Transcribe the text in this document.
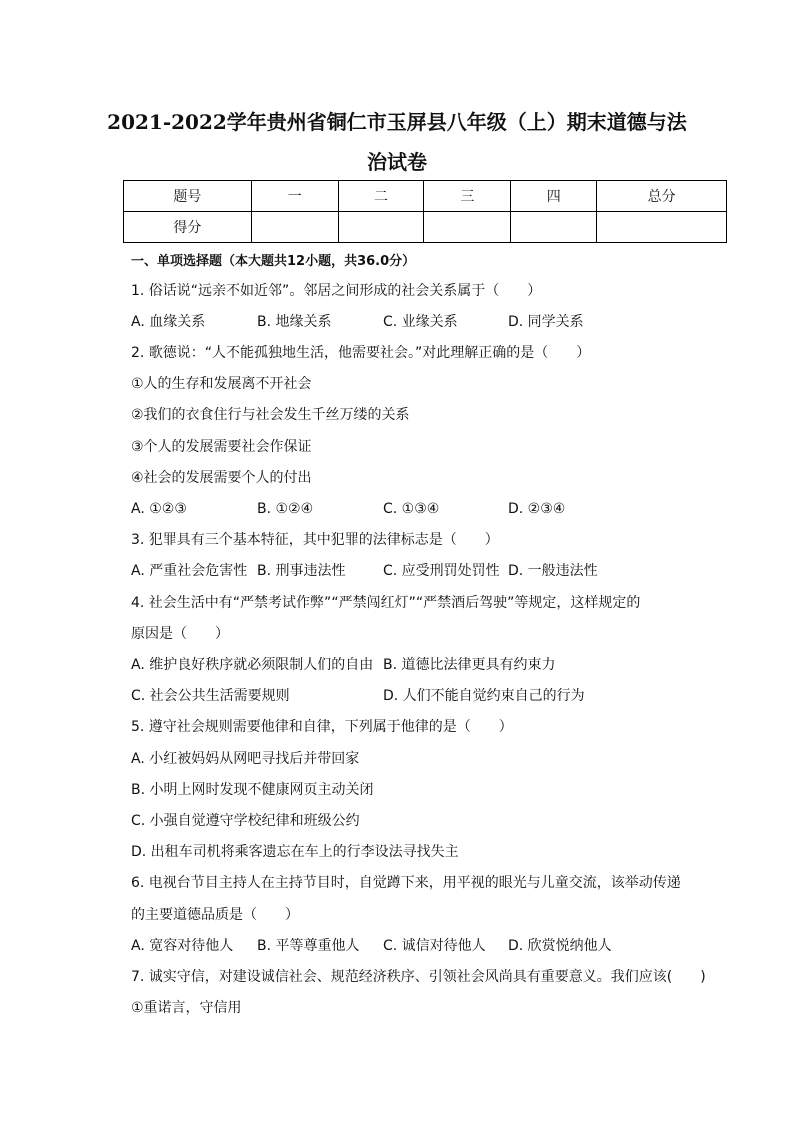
2021-2022学年贵州省铜仁市玉屏县八年级（上）期末道德与法
治试卷
题号	一	二	三	四	总分
得分					
一、单项选择题（本大题共12小题，共36.0分）
1. 俗话说“远亲不如近邻”。邻居之间形成的社会关系属于（　　）
A. 血缘关系	B. 地缘关系	C. 业缘关系	D. 同学关系
2. 歌德说：“人不能孤独地生活，他需要社会。”对此理解正确的是（　　）
①人的生存和发展离不开社会
②我们的衣食住行与社会发生千丝万缕的关系
③个人的发展需要社会作保证
④社会的发展需要个人的付出
A. ①②③	B. ①②④	C. ①③④	D. ②③④
3. 犯罪具有三个基本特征，其中犯罪的法律标志是（　　）
A. 严重社会危害性 B. 刑事违法性	C. 应受刑罚处罚性 D. 一般违法性
4. 社会生活中有“严禁考试作弊”“严禁闯红灯”“严禁酒后驾驶”等规定，这样规定的
原因是（　　）
A. 维护良好秩序就必须限制人们的自由 B. 道德比法律更具有约束力
C. 社会公共生活需要规则	D. 人们不能自觉约束自己的行为
5. 遵守社会规则需要他律和自律，下列属于他律的是（　　）
A. 小红被妈妈从网吧寻找后并带回家
B. 小明上网时发现不健康网页主动关闭
C. 小强自觉遵守学校纪律和班级公约
D. 出租车司机将乘客遗忘在车上的行李设法寻找失主
6. 电视台节目主持人在主持节目时，自觉蹲下来，用平视的眼光与儿童交流，该举动传递
的主要道德品质是（　　）
A. 宽容对待他人 B. 平等尊重他人 C. 诚信对待他人 D. 欣赏悦纳他人
7. 诚实守信，对建设诚信社会、规范经济秩序、引领社会风尚具有重要意义。我们应该(　　)
①重诺言，守信用
